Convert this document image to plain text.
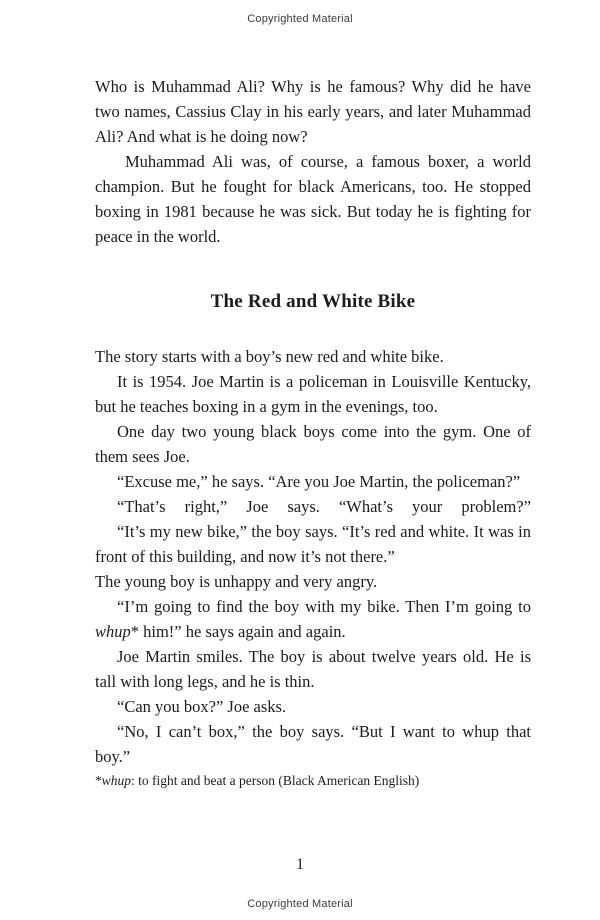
Copyrighted Material

Who is Muhammad Ali? Why is he famous? Why did he have two names, Cassius Clay in his early years, and later Muhammad Ali? And what is he doing now?

Muhammad Ali was, of course, a famous boxer, a world champion. But he fought for black Americans, too. He stopped boxing in 1981 because he was sick. But today he is fighting for peace in the world.

The Red and White Bike

The story starts with a boy’s new red and white bike.

It is 1954. Joe Martin is a policeman in Louisville Kentucky, but he teaches boxing in a gym in the evenings, too.

One day two young black boys come into the gym. One of them sees Joe.

“Excuse me,” he says. “Are you Joe Martin, the policeman?”

“That’s right,” Joe says. “What’s your problem?”

“It’s my new bike,” the boy says. “It’s red and white. It was in front of this building, and now it’s not there.”

The young boy is unhappy and very angry.

“I’m going to find the boy with my bike. Then I’m going to whup* him!” he says again and again.

Joe Martin smiles. The boy is about twelve years old. He is tall with long legs, and he is thin.

“Can you box?” Joe asks.

“No, I can’t box,” the boy says. “But I want to whup that boy.”

*whup: to fight and beat a person (Black American English)
1
Copyrighted Material
